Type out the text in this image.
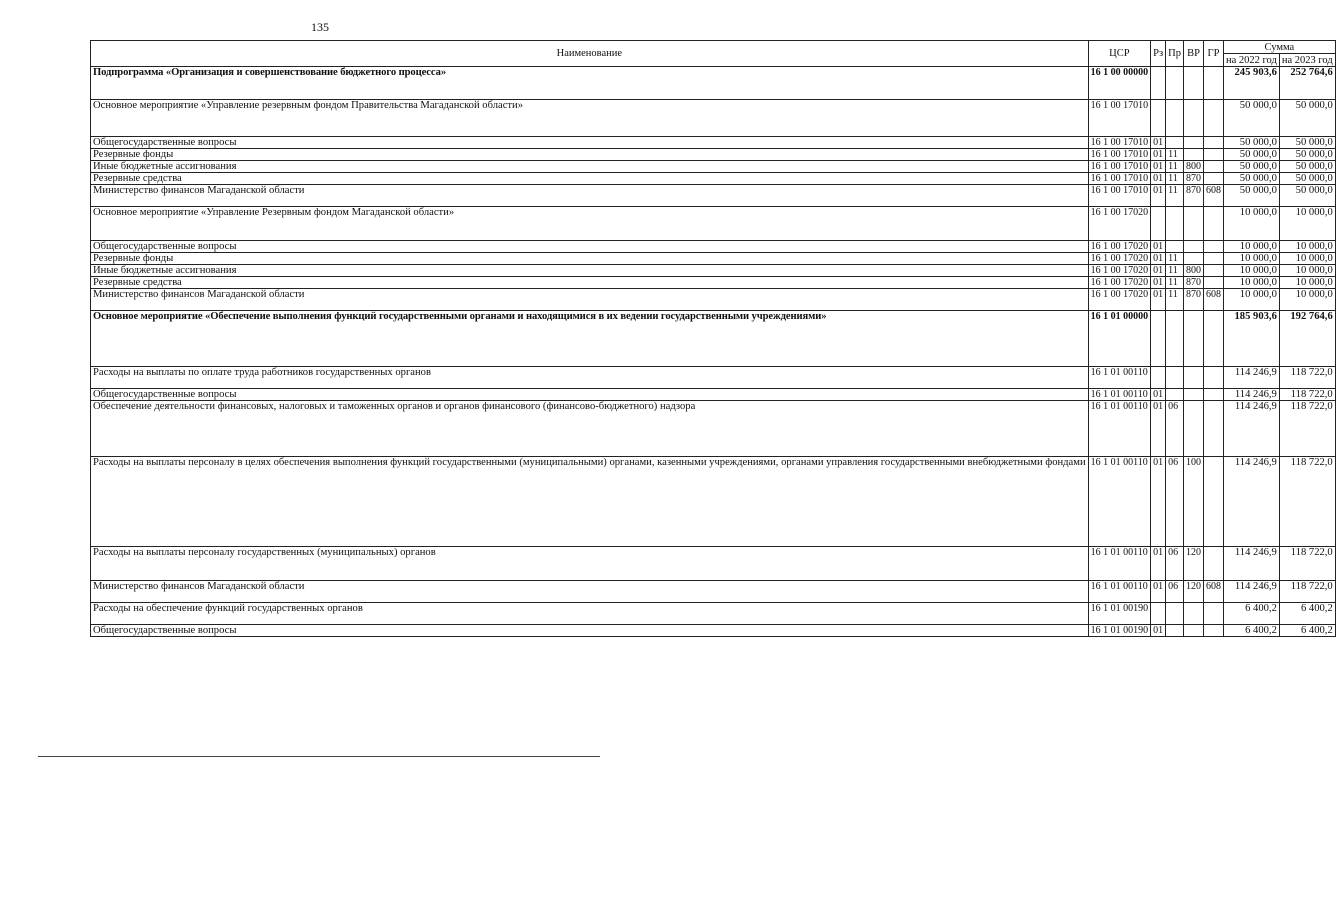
135
Наименование	ЦСР	Рз	Пр	ВР	ГР	Сумма	
						на 2022 год	на 2023 год
Подпрограмма «Организация и совершенствование бюджетного процесса»	16 1 00 00000					245 903,6	252 764,6
Основное мероприятие «Управление резервным фондом Правительства Магаданской области»	16 1 00 17010					50 000,0	50 000,0
Общегосударственные вопросы	16 1 00 17010	01				50 000,0	50 000,0
Резервные фонды	16 1 00 17010	01	11			50 000,0	50 000,0
Иные бюджетные ассигнования	16 1 00 17010	01	11	800		50 000,0	50 000,0
Резервные средства	16 1 00 17010	01	11	870		50 000,0	50 000,0
Министерство финансов Магаданской области	16 1 00 17010	01	11	870	608	50 000,0	50 000,0
Основное мероприятие «Управление Резервным фондом Магаданской области»	16 1 00 17020					10 000,0	10 000,0
Общегосударственные вопросы	16 1 00 17020	01				10 000,0	10 000,0
Резервные фонды	16 1 00 17020	01	11			10 000,0	10 000,0
Иные бюджетные ассигнования	16 1 00 17020	01	11	800		10 000,0	10 000,0
Резервные средства	16 1 00 17020	01	11	870		10 000,0	10 000,0
Министерство финансов Магаданской области	16 1 00 17020	01	11	870	608	10 000,0	10 000,0
Основное мероприятие «Обеспечение выполнения функций государственными органами и находящимися в их ведении государственными учреждениями»	16 1 01 00000					185 903,6	192 764,6
Расходы на выплаты по оплате труда работников государственных органов	16 1 01 00110					114 246,9	118 722,0
Общегосударственные вопросы	16 1 01 00110	01				114 246,9	118 722,0
Обеспечение деятельности финансовых, налоговых и таможенных органов и органов финансового (финансово-бюджетного) надзора	16 1 01 00110	01	06			114 246,9	118 722,0
Расходы на выплаты персоналу в целях обеспечения выполнения функций государственными (муниципальными) органами, казенными учреждениями, органами управления государственными внебюджетными фондами	16 1 01 00110	01	06	100		114 246,9	118 722,0
Расходы на выплаты персоналу государственных (муниципальных) органов	16 1 01 00110	01	06	120		114 246,9	118 722,0
Министерство финансов Магаданской области	16 1 01 00110	01	06	120	608	114 246,9	118 722,0
Расходы на обеспечение функций государственных органов	16 1 01 00190					6 400,2	6 400,2
Общегосударственные вопросы	16 1 01 00190	01				6 400,2	6 400,2
